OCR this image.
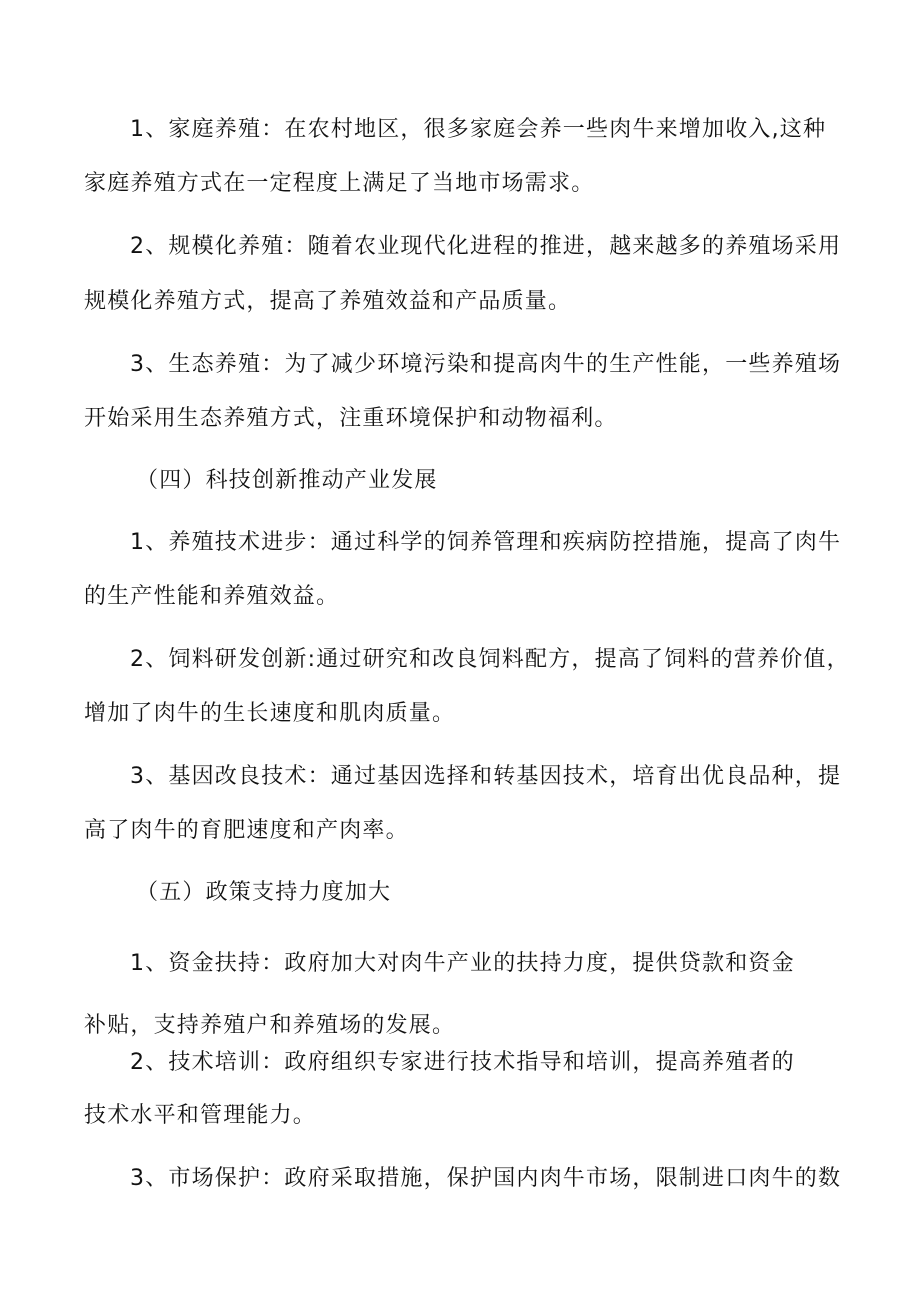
1、家庭养殖：在农村地区，很多家庭会养一些肉牛来增加收入,这种
家庭养殖方式在一定程度上满足了当地市场需求。
2、规模化养殖：随着农业现代化进程的推进，越来越多的养殖场采用
规模化养殖方式，提高了养殖效益和产品质量。
3、生态养殖：为了减少环境污染和提高肉牛的生产性能，一些养殖场
开始采用生态养殖方式，注重环境保护和动物福利。
（四）科技创新推动产业发展
1、养殖技术进步：通过科学的饲养管理和疾病防控措施，提高了肉牛
的生产性能和养殖效益。
2、饲料研发创新:通过研究和改良饲料配方，提高了饲料的营养价值，
增加了肉牛的生长速度和肌肉质量。
3、基因改良技术：通过基因选择和转基因技术，培育出优良品种，提
高了肉牛的育肥速度和产肉率。
（五）政策支持力度加大
1、资金扶持：政府加大对肉牛产业的扶持力度，提供贷款和资金
补贴，支持养殖户和养殖场的发展。
2、技术培训：政府组织专家进行技术指导和培训，提高养殖者的
技术水平和管理能力。
3、市场保护：政府采取措施，保护国内肉牛市场，限制进口肉牛的数
